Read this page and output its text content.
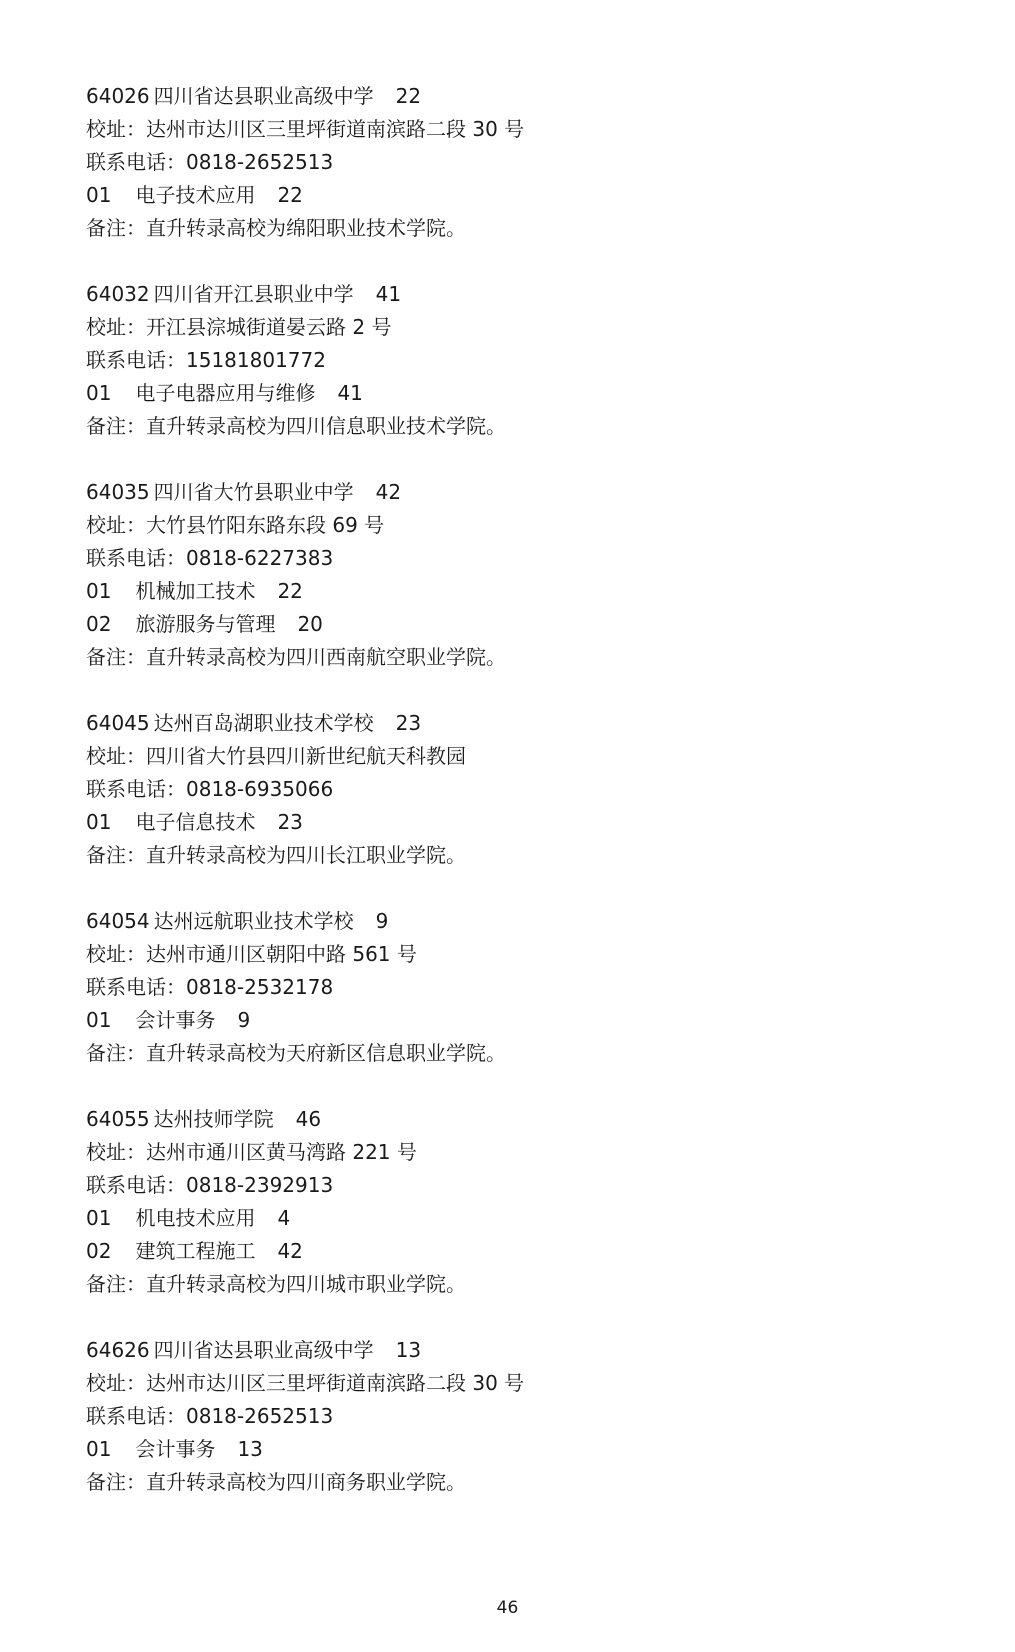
64026 四川省达县职业高级中学 22
校址：达州市达川区三里坪街道南滨路二段 30 号
联系电话：0818-2652513
01 电子技术应用 22
备注：直升转录高校为绵阳职业技术学院。
64032 四川省开江县职业中学 41
校址：开江县淙城街道晏云路 2 号
联系电话：15181801772
01 电子电器应用与维修 41
备注：直升转录高校为四川信息职业技术学院。
64035 四川省大竹县职业中学 42
校址：大竹县竹阳东路东段 69 号
联系电话：0818-6227383
01 机械加工技术 22
02 旅游服务与管理 20
备注：直升转录高校为四川西南航空职业学院。
64045 达州百岛湖职业技术学校 23
校址：四川省大竹县四川新世纪航天科教园
联系电话：0818-6935066
01 电子信息技术 23
备注：直升转录高校为四川长江职业学院。
64054 达州远航职业技术学校 9
校址：达州市通川区朝阳中路 561 号
联系电话：0818-2532178
01 会计事务 9
备注：直升转录高校为天府新区信息职业学院。
64055 达州技师学院 46
校址：达州市通川区黄马湾路 221 号
联系电话：0818-2392913
01 机电技术应用 4
02 建筑工程施工 42
备注：直升转录高校为四川城市职业学院。
64626 四川省达县职业高级中学 13
校址：达州市达川区三里坪街道南滨路二段 30 号
联系电话：0818-2652513
01 会计事务 13
备注：直升转录高校为四川商务职业学院。
46
